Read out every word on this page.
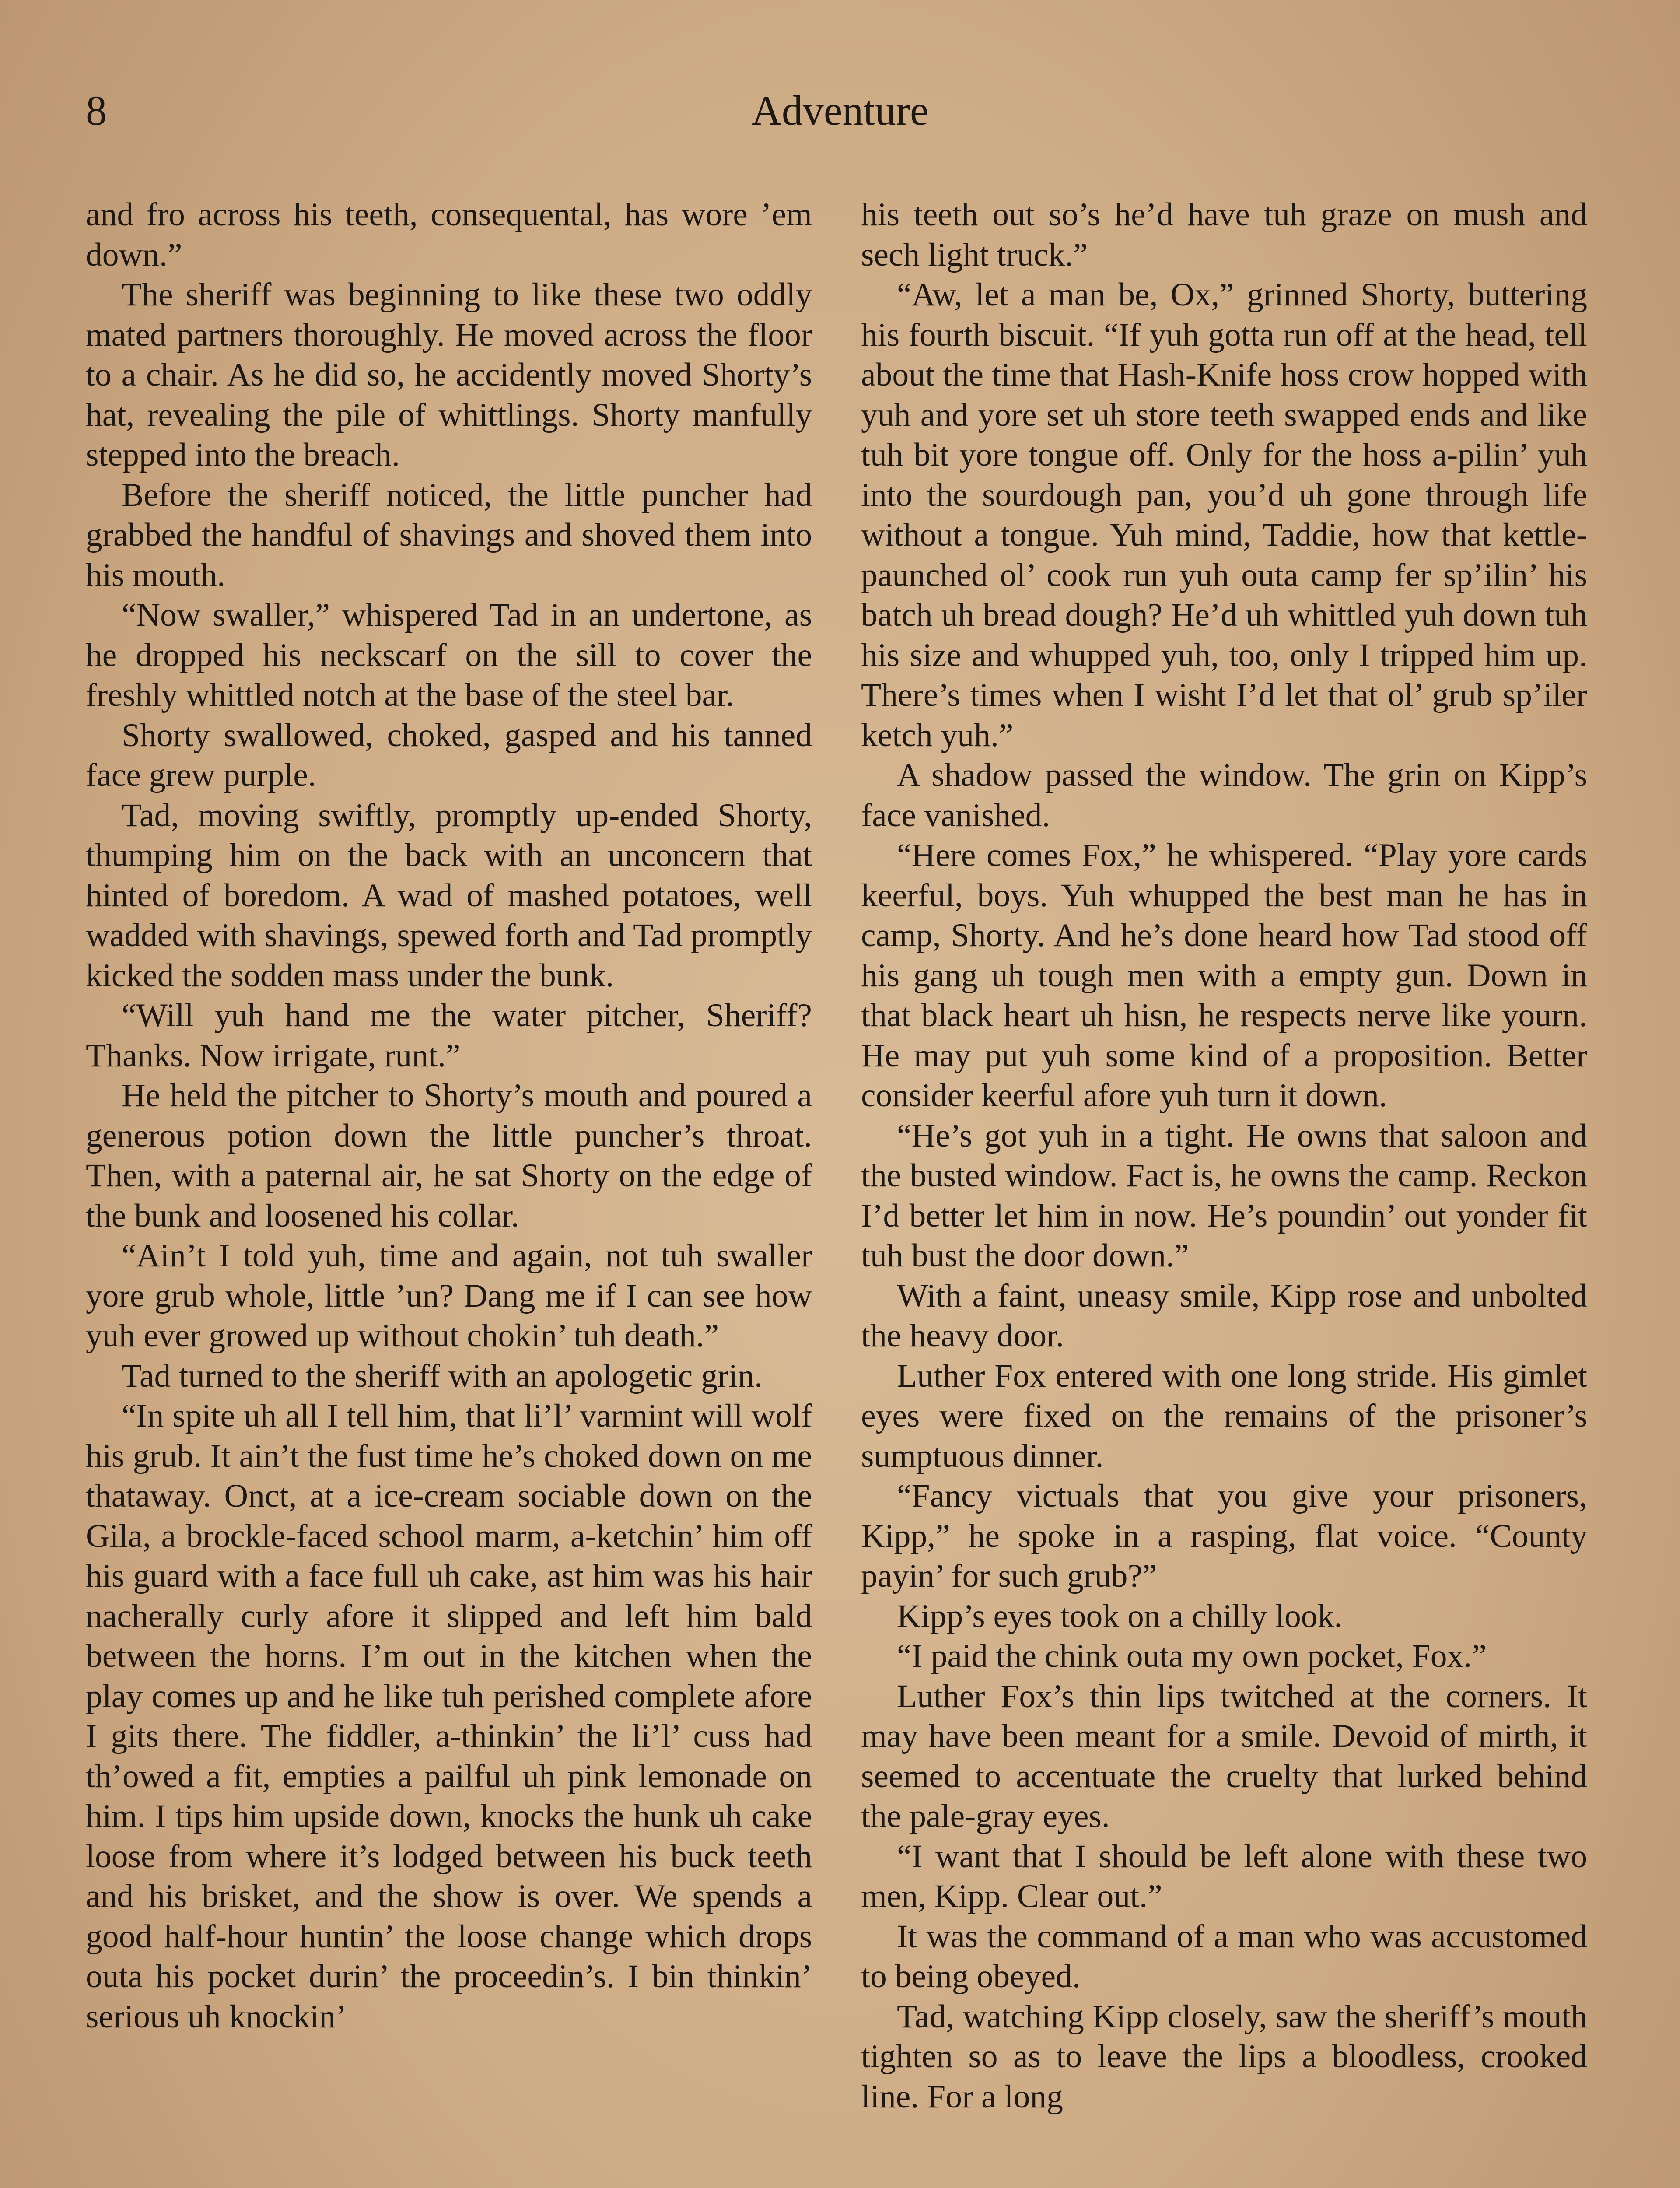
8	Adventure

and fro across his teeth, consequental, has wore ’em down.”

The sheriff was beginning to like these two oddly mated partners thoroughly. He moved across the floor to a chair. As he did so, he accidently moved Shorty’s hat, revealing the pile of whittlings. Shorty manfully stepped into the breach.

Before the sheriff noticed, the little puncher had grabbed the handful of shavings and shoved them into his mouth.

“Now swaller,” whispered Tad in an undertone, as he dropped his neckscarf on the sill to cover the freshly whittled notch at the base of the steel bar.

Shorty swallowed, choked, gasped and his tanned face grew purple.

Tad, moving swiftly, promptly up-ended Shorty, thumping him on the back with an unconcern that hinted of boredom. A wad of mashed potatoes, well wadded with shavings, spewed forth and Tad promptly kicked the sodden mass under the bunk.

“Will yuh hand me the water pitcher, Sheriff? Thanks. Now irrigate, runt.”

He held the pitcher to Shorty’s mouth and poured a generous potion down the little puncher’s throat. Then, with a paternal air, he sat Shorty on the edge of the bunk and loosened his collar.

“Ain’t I told yuh, time and again, not tuh swaller yore grub whole, little ’un? Dang me if I can see how yuh ever growed up without chokin’ tuh death.”

Tad turned to the sheriff with an apologetic grin.

“In spite uh all I tell him, that li’l’ varmint will wolf his grub. It ain’t the fust time he’s choked down on me thataway. Onct, at a ice-cream sociable down on the Gila, a brockle-faced school marm, a-ketchin’ him off his guard with a face full uh cake, ast him was his hair nacherally curly afore it slipped and left him bald between the horns. I’m out in the kitchen when the play comes up and he like tuh perished complete afore I gits there. The fiddler, a-thinkin’ the li’l’ cuss had th’owed a fit, empties a pailful uh pink lemonade on him. I tips him upside down, knocks the hunk uh cake loose from where it’s lodged between his buck teeth and his brisket, and the show is over. We spends a good half-hour huntin’ the loose change which drops outa his pocket durin’ the proceedin’s. I bin thinkin’ serious uh knockin’

his teeth out so’s he’d have tuh graze on mush and sech light truck.”

“Aw, let a man be, Ox,” grinned Shorty, buttering his fourth biscuit. “If yuh gotta run off at the head, tell about the time that Hash-Knife hoss crow hopped with yuh and yore set uh store teeth swapped ends and like tuh bit yore tongue off. Only for the hoss a-pilin’ yuh into the sourdough pan, you’d uh gone through life without a tongue. Yuh mind, Taddie, how that kettle-paunched ol’ cook run yuh outa camp fer sp’ilin’ his batch uh bread dough? He’d uh whittled yuh down tuh his size and whupped yuh, too, only I tripped him up. There’s times when I wisht I’d let that ol’ grub sp’iler ketch yuh.”

A shadow passed the window. The grin on Kipp’s face vanished.

“Here comes Fox,” he whispered. “Play yore cards keerful, boys. Yuh whupped the best man he has in camp, Shorty. And he’s done heard how Tad stood off his gang uh tough men with a empty gun. Down in that black heart uh hisn, he respects nerve like yourn. He may put yuh some kind of a proposition. Better consider keerful afore yuh turn it down.

“He’s got yuh in a tight. He owns that saloon and the busted window. Fact is, he owns the camp. Reckon I’d better let him in now. He’s poundin’ out yonder fit tuh bust the door down.”

With a faint, uneasy smile, Kipp rose and unbolted the heavy door.

Luther Fox entered with one long stride. His gimlet eyes were fixed on the remains of the prisoner’s sumptuous dinner.

“Fancy victuals that you give your prisoners, Kipp,” he spoke in a rasping, flat voice. “County payin’ for such grub?”

Kipp’s eyes took on a chilly look.

“I paid the chink outa my own pocket, Fox.”

Luther Fox’s thin lips twitched at the corners. It may have been meant for a smile. Devoid of mirth, it seemed to accentuate the cruelty that lurked behind the pale-gray eyes.

“I want that I should be left alone with these two men, Kipp. Clear out.”

It was the command of a man who was accustomed to being obeyed.

Tad, watching Kipp closely, saw the sheriff’s mouth tighten so as to leave the lips a bloodless, crooked line. For a long
